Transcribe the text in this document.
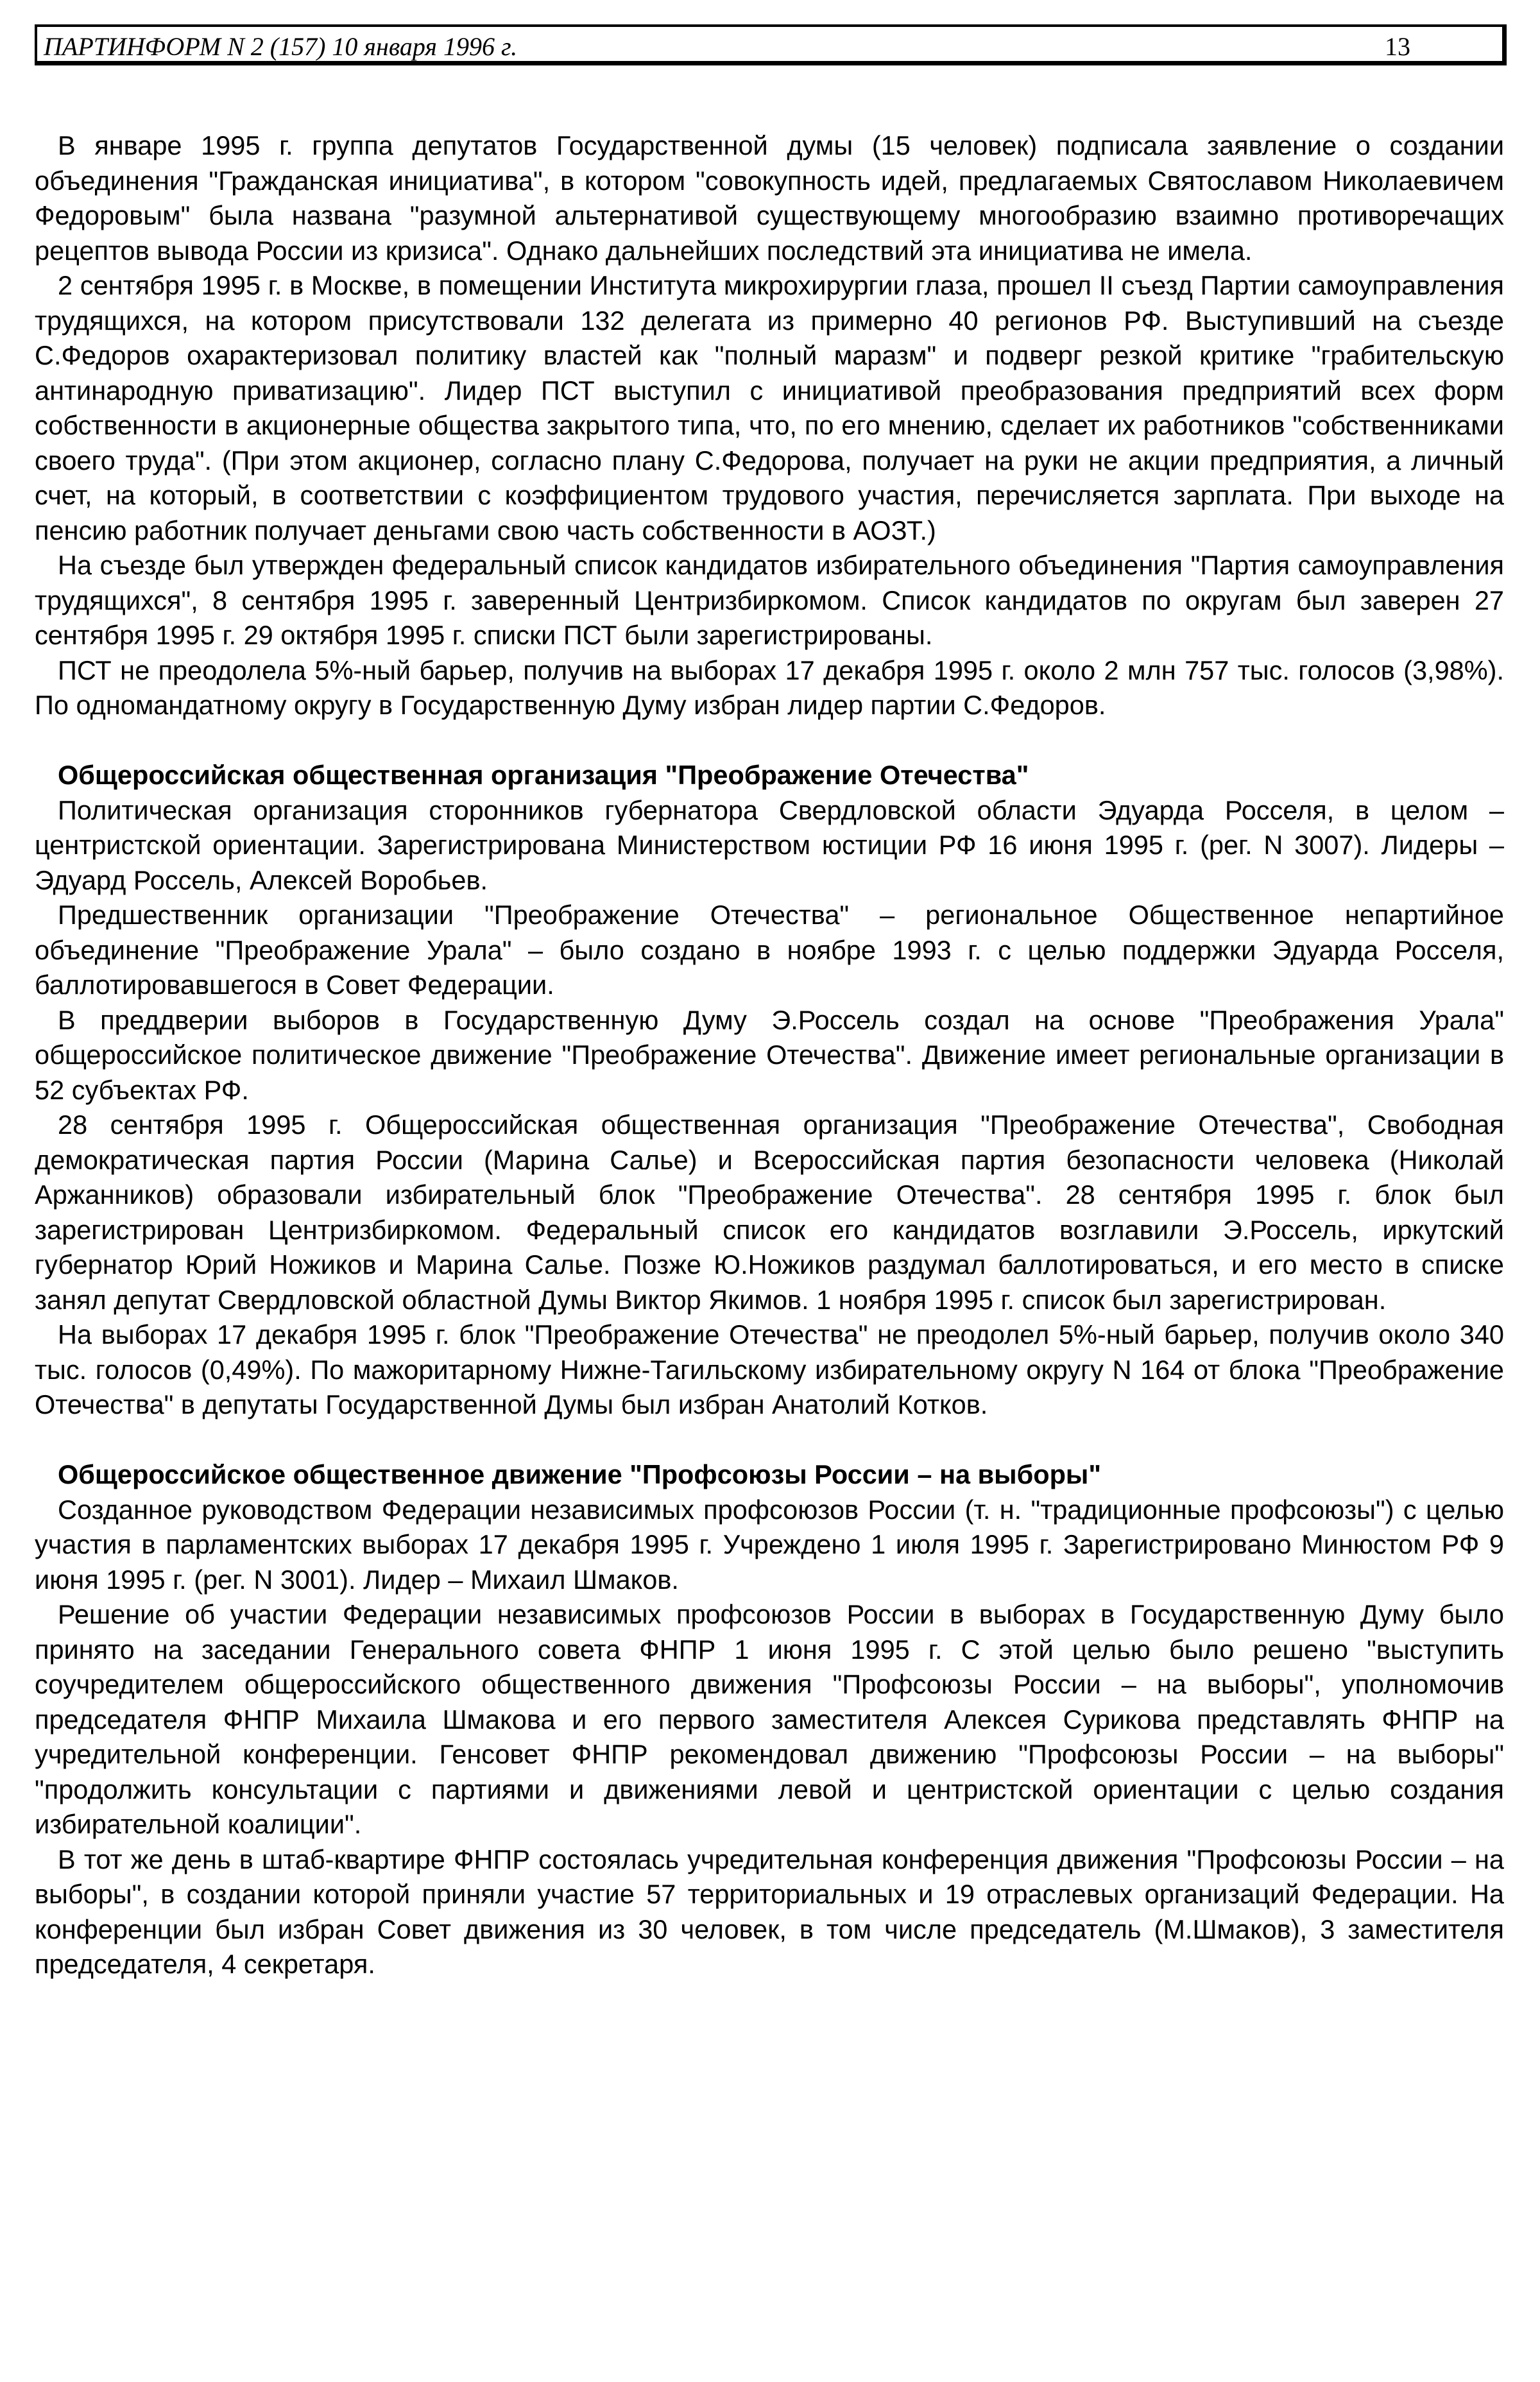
ПАРТИНФОРМ N 2 (157) 10 января 1996 г.	13

В январе 1995 г. группа депутатов Государственной думы (15 человек) подписала заявление о создании объединения "Гражданская инициатива", в котором "совокупность идей, предлагаемых Святославом Николаевичем Федоровым" была названа "разумной альтернативой существующему многообразию взаимно противоречащих рецептов вывода России из кризиса". Однако дальнейших последствий эта инициатива не имела.

2 сентября 1995 г. в Москве, в помещении Института микрохирургии глаза, прошел II съезд Партии самоуправления трудящихся, на котором присутствовали 132 делегата из примерно 40 регионов РФ. Выступивший на съезде С.Федоров охарактеризовал политику властей как "полный маразм" и подверг резкой критике "грабительскую антинародную приватизацию". Лидер ПСТ выступил с инициативой преобразования предприятий всех форм собственности в акционерные общества закрытого типа, что, по его мнению, сделает их работников "собственниками своего труда". (При этом акционер, согласно плану С.Федорова, получает на руки не акции предприятия, а личный счет, на который, в соответствии с коэффициентом трудового участия, перечисляется зарплата. При выходе на пенсию работник получает деньгами свою часть собственности в АОЗТ.)

На съезде был утвержден федеральный список кандидатов избирательного объединения "Партия самоуправления трудящихся", 8 сентября 1995 г. заверенный Центризбиркомом. Список кандидатов по округам был заверен 27 сентября 1995 г. 29 октября 1995 г. списки ПСТ были зарегистрированы.

ПСТ не преодолела 5%-ный барьер, получив на выборах 17 декабря 1995 г. около 2 млн 757 тыс. голосов (3,98%). По одномандатному округу в Государственную Думу избран лидер партии С.Федоров.

Общероссийская общественная организация "Преображение Отечества"

Политическая организация сторонников губернатора Свердловской области Эдуарда Росселя, в целом – центристской ориентации. Зарегистрирована Министерством юстиции РФ 16 июня 1995 г. (рег. N 3007). Лидеры – Эдуард Россель, Алексей Воробьев.

Предшественник организации "Преображение Отечества" – региональное Общественное непартийное объединение "Преображение Урала" – было создано в ноябре 1993 г. с целью поддержки Эдуарда Росселя, баллотировавшегося в Совет Федерации.

В преддверии выборов в Государственную Думу Э.Россель создал на основе "Преображения Урала" общероссийское политическое движение "Преображение Отечества". Движение имеет региональные организации в 52 субъектах РФ.

28 сентября 1995 г. Общероссийская общественная организация "Преображение Отечества", Свободная демократическая партия России (Марина Салье) и Всероссийская партия безопасности человека (Николай Аржанников) образовали избирательный блок "Преображение Отечества". 28 сентября 1995 г. блок был зарегистрирован Центризбиркомом. Федеральный список его кандидатов возглавили Э.Россель, иркутский губернатор Юрий Ножиков и Марина Салье. Позже Ю.Ножиков раздумал баллотироваться, и его место в списке занял депутат Свердловской областной Думы Виктор Якимов. 1 ноября 1995 г. список был зарегистрирован.

На выборах 17 декабря 1995 г. блок "Преображение Отечества" не преодолел 5%-ный барьер, получив около 340 тыс. голосов (0,49%). По мажоритарному Нижне-Тагильскому избирательному округу N 164 от блока "Преображение Отечества" в депутаты Государственной Думы был избран Анатолий Котков.

Общероссийское общественное движение "Профсоюзы России – на выборы"

Созданное руководством Федерации независимых профсоюзов России (т. н. "традиционные профсоюзы") с целью участия в парламентских выборах 17 декабря 1995 г. Учреждено 1 июля 1995 г. Зарегистрировано Минюстом РФ 9 июня 1995 г. (рег. N 3001). Лидер – Михаил Шмаков.

Решение об участии Федерации независимых профсоюзов России в выборах в Государственную Думу было принято на заседании Генерального совета ФНПР 1 июня 1995 г. С этой целью было решено "выступить соучредителем общероссийского общественного движения "Профсоюзы России – на выборы", уполномочив председателя ФНПР Михаила Шмакова и его первого заместителя Алексея Сурикова представлять ФНПР на учредительной конференции. Генсовет ФНПР рекомендовал движению "Профсоюзы России – на выборы" "продолжить консультации с партиями и движениями левой и центристской ориентации с целью создания избирательной коалиции".

В тот же день в штаб-квартире ФНПР состоялась учредительная конференция движения "Профсоюзы России – на выборы", в создании которой приняли участие 57 территориальных и 19 отраслевых организаций Федерации. На конференции был избран Совет движения из 30 человек, в том числе председатель (М.Шмаков), 3 заместителя председателя, 4 секретаря.
